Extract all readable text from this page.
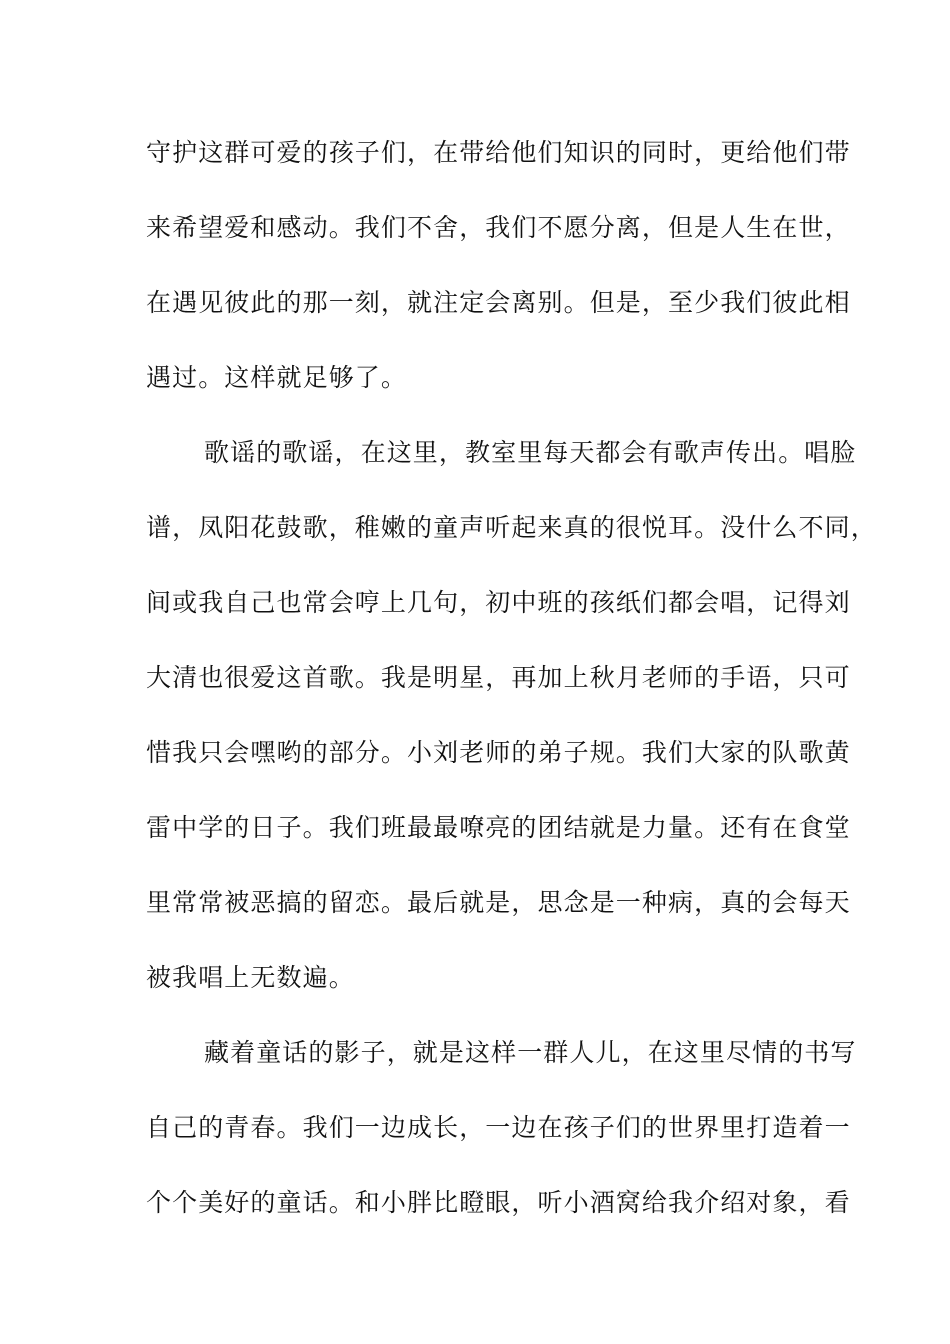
守护这群可爱的孩子们，在带给他们知识的同时，更给他们带
来希望爱和感动。我们不舍，我们不愿分离，但是人生在世，
在遇见彼此的那一刻，就注定会离别。但是，至少我们彼此相
遇过。这样就足够了。
歌谣的歌谣，在这里，教室里每天都会有歌声传出。唱脸
谱，凤阳花鼓歌，稚嫩的童声听起来真的很悦耳。没什么不同，
间或我自己也常会哼上几句，初中班的孩纸们都会唱，记得刘
大清也很爱这首歌。我是明星，再加上秋月老师的手语，只可
惜我只会嘿哟的部分。小刘老师的弟子规。我们大家的队歌黄
雷中学的日子。我们班最最嘹亮的团结就是力量。还有在食堂
里常常被恶搞的留恋。最后就是，思念是一种病，真的会每天
被我唱上无数遍。
藏着童话的影子，就是这样一群人儿，在这里尽情的书写
自己的青春。我们一边成长，一边在孩子们的世界里打造着一
个个美好的童话。和小胖比瞪眼，听小酒窝给我介绍对象，看
